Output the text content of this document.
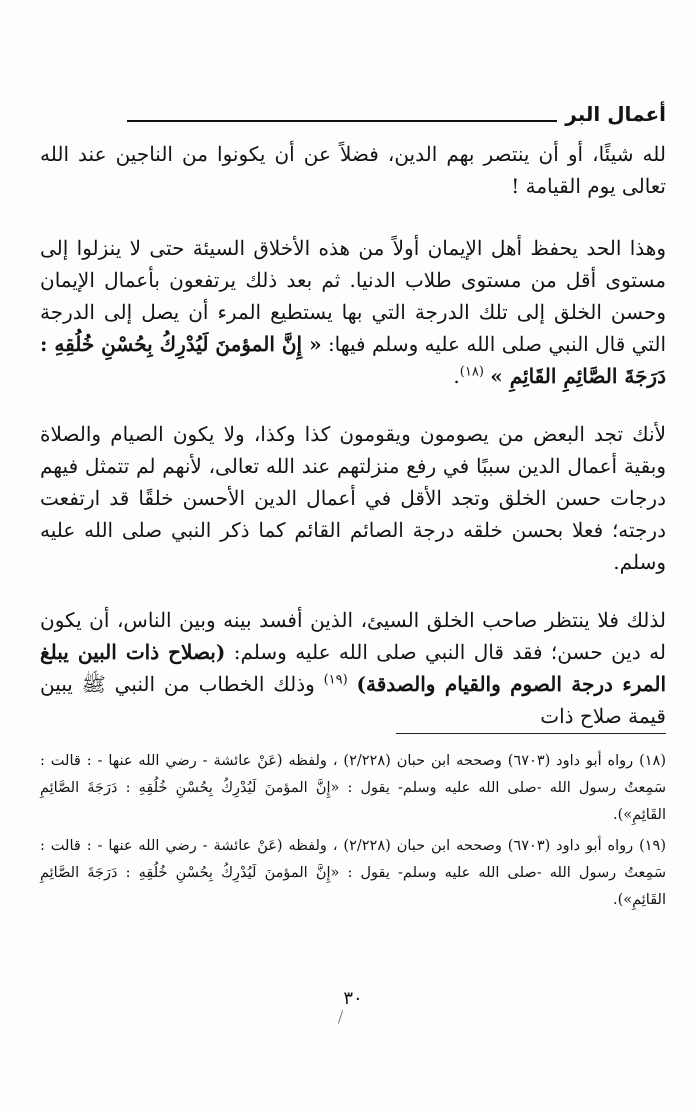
أعمال البر

لله شيئًا، أو أن ينتصر بهم الدين، فضلاً عن أن يكونوا من الناجين عند الله تعالى يوم القيامة !

وهذا الحد يحفظ أهل الإيمان أولاً من هذه الأخلاق السيئة حتى لا ينزلوا إلى مستوى أقل من مستوى طلاب الدنيا. ثم بعد ذلك يرتفعون بأعمال الإيمان وحسن الخلق إلى تلك الدرجة التي بها يستطيع المرء أن يصل إلى الدرجة التي قال النبي صلى الله عليه وسلم فيها: « إِنَّ المؤمنَ لَيُدْرِكُ بِحُسْنِ خُلُقِهِ : دَرَجَةَ الصَّائِمِ القَائِمِ » $^{(١٨)}$.

لأنك تجد البعض من يصومون ويقومون كذا وكذا، ولا يكون الصيام والصلاة وبقية أعمال الدين سببًا في رفع منزلتهم عند الله تعالى، لأنهم لم تتمثل فيهم درجات حسن الخلق وتجد الأقل في أعمال الدين الأحسن خلقًا قد ارتفعت درجته؛ فعلا بحسن خلقه درجة الصائم القائم كما ذكر النبي صلى الله عليه وسلم.

لذلك فلا ينتظر صاحب الخلق السيئ، الذين أفسد بينه وبين الناس، أن يكون له دين حسن؛ فقد قال النبي صلى الله عليه وسلم: (بصلاح ذات البين يبلغ المرء درجة الصوم والقيام والصدقة) $^{(١٩)}$ وذلك الخطاب من النبي ﷺ يبين قيمة صلاح ذات

(١٨) رواه أبو داود (٦٧٠٣) وصححه ابن حبان (٢/٢٢٨) ، ولفظه (عَنْ عائشة - رضي الله عنها - : قالت : سَمِعتُ رسول الله -صلى الله عليه وسلم- يقول : «إِنَّ المؤمنَ لَيُدْرِكُ بِحُسْنِ خُلُقِهِ : دَرَجَةَ الصَّائِمِ القَائِمِ»).

(١٩) رواه أبو داود (٦٧٠٣) وصححه ابن حبان (٢/٢٢٨) ، ولفظه (عَنْ عائشة - رضي الله عنها - : قالت : سَمِعتُ رسول الله -صلى الله عليه وسلم- يقول : «إِنَّ المؤمنَ لَيُدْرِكُ بِحُسْنِ خُلُقِهِ : دَرَجَةَ الصَّائِمِ القَائِمِ»).

٣٠
